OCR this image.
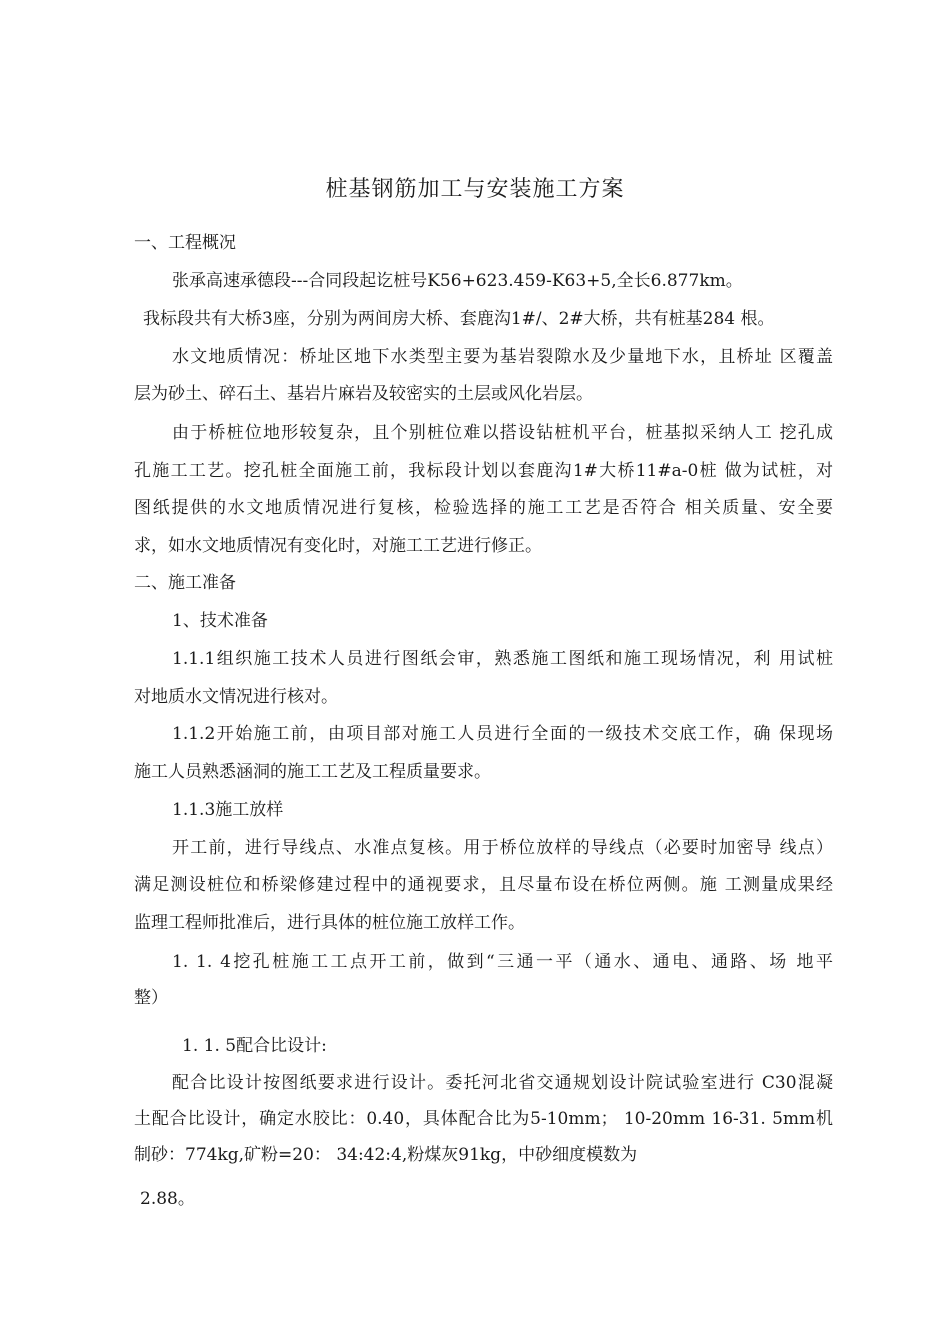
桩基钢筋加工与安装施工方案
一、工程概况
张承高速承德段---合同段起讫桩号K56+623.459-K63+5,全长6.877km。
我标段共有大桥3座，分别为两间房大桥、套鹿沟1#/、2#大桥，共有桩基284 根。
水文地质情况：桥址区地下水类型主要为基岩裂隙水及少量地下水，且桥址 区覆盖
层为砂土、碎石土、基岩片麻岩及较密实的土层或风化岩层。
由于桥桩位地形较复杂，且个别桩位难以搭设钻桩机平台，桩基拟采纳人工 挖孔成
孔施工工艺。挖孔桩全面施工前，我标段计划以套鹿沟1#大桥11#a-0桩 做为试桩，对
图纸提供的水文地质情况进行复核，检验选择的施工工艺是否符合 相关质量、安全要
求，如水文地质情况有变化时，对施工工艺进行修正。
二、施工准备
1、技术准备
1.1.1组织施工技术人员进行图纸会审，熟悉施工图纸和施工现场情况，利 用试桩
对地质水文情况进行核对。
1.1.2开始施工前，由项目部对施工人员进行全面的一级技术交底工作，确 保现场
施工人员熟悉涵洞的施工工艺及工程质量要求。
1.1.3施工放样
开工前，进行导线点、水准点复核。用于桥位放样的导线点（必要时加密导 线点）
满足测设桩位和桥梁修建过程中的通视要求，且尽量布设在桥位两侧。施 工测量成果经
监理工程师批准后，进行具体的桩位施工放样工作。
1. 1. 4挖孔桩施工工点开工前，做到“三通一平（通水、通电、通路、场 地平
整）
1. 1. 5配合比设计:
配合比设计按图纸要求进行设计。委托河北省交通规划设计院试验室进行 C30混凝
土配合比设计，确定水胶比：0.40，具体配合比为5-10mm； 10-20mm 16-31. 5mm机
制砂：774kg,矿粉=20： 34:42:4,粉煤灰91kg，中砂细度模数为
2.88。
